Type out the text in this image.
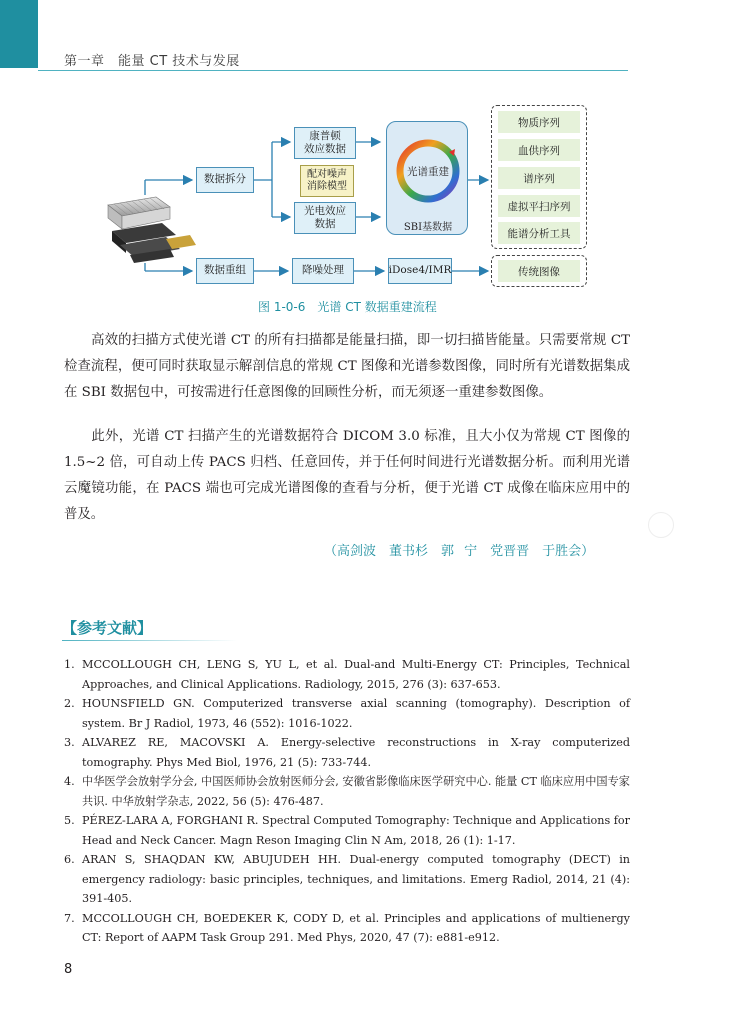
第一章　能量 CT 技术与发展
数据拆分
康普顿
效应数据
配对噪声
消除模型
光电效应
数据
光谱重建
SBI基数据
物质序列
血供序列
谱序列
虚拟平扫序列
能谱分析工具
数据重组	降噪处理	iDose4/IMR	传统图像
图 1-0-6　光谱 CT 数据重建流程
　　高效的扫描方式使光谱 CT 的所有扫描都是能量扫描，即一切扫描皆能量。只需要常规 CT 检查流程，便可同时获取显示解剖信息的常规 CT 图像和光谱参数图像，同时所有光谱数据集成在 SBI 数据包中，可按需进行任意图像的回顾性分析，而无须逐一重建参数图像。
　　此外，光谱 CT 扫描产生的光谱数据符合 DICOM 3.0 标准，且大小仅为常规 CT 图像的 1.5~2 倍，可自动上传 PACS 归档、任意回传，并于任何时间进行光谱数据分析。而利用光谱云魔镜功能，在 PACS 端也可完成光谱图像的查看与分析，便于光谱 CT 成像在临床应用中的普及。
（高剑波　董书杉　郭 宁　党晋晋　于胜会）
【参考文献】
1. MCCOLLOUGH CH, LENG S, YU L, et al. Dual-and Multi-Energy CT: Principles, Technical Approaches, and Clinical Applications. Radiology, 2015, 276 (3): 637-653.
2. HOUNSFIELD GN. Computerized transverse axial scanning (tomography). Description of system. Br J Radiol, 1973, 46 (552): 1016-1022.
3. ALVAREZ RE, MACOVSKI A. Energy-selective reconstructions in X-ray computerized tomography. Phys Med Biol, 1976, 21 (5): 733-744.
4. 中华医学会放射学分会, 中国医师协会放射医师分会, 安徽省影像临床医学研究中心. 能量 CT 临床应用中国专家共识. 中华放射学杂志, 2022, 56 (5): 476-487.
5. PÉREZ-LARA A, FORGHANI R. Spectral Computed Tomography: Technique and Applications for Head and Neck Cancer. Magn Reson Imaging Clin N Am, 2018, 26 (1): 1-17.
6. ARAN S, SHAQDAN KW, ABUJUDEH HH. Dual-energy computed tomography (DECT) in emergency radiology: basic principles, techniques, and limitations. Emerg Radiol, 2014, 21 (4): 391-405.
7. MCCOLLOUGH CH, BOEDEKER K, CODY D, et al. Principles and applications of multienergy CT: Report of AAPM Task Group 291. Med Phys, 2020, 47 (7): e881-e912.
8
